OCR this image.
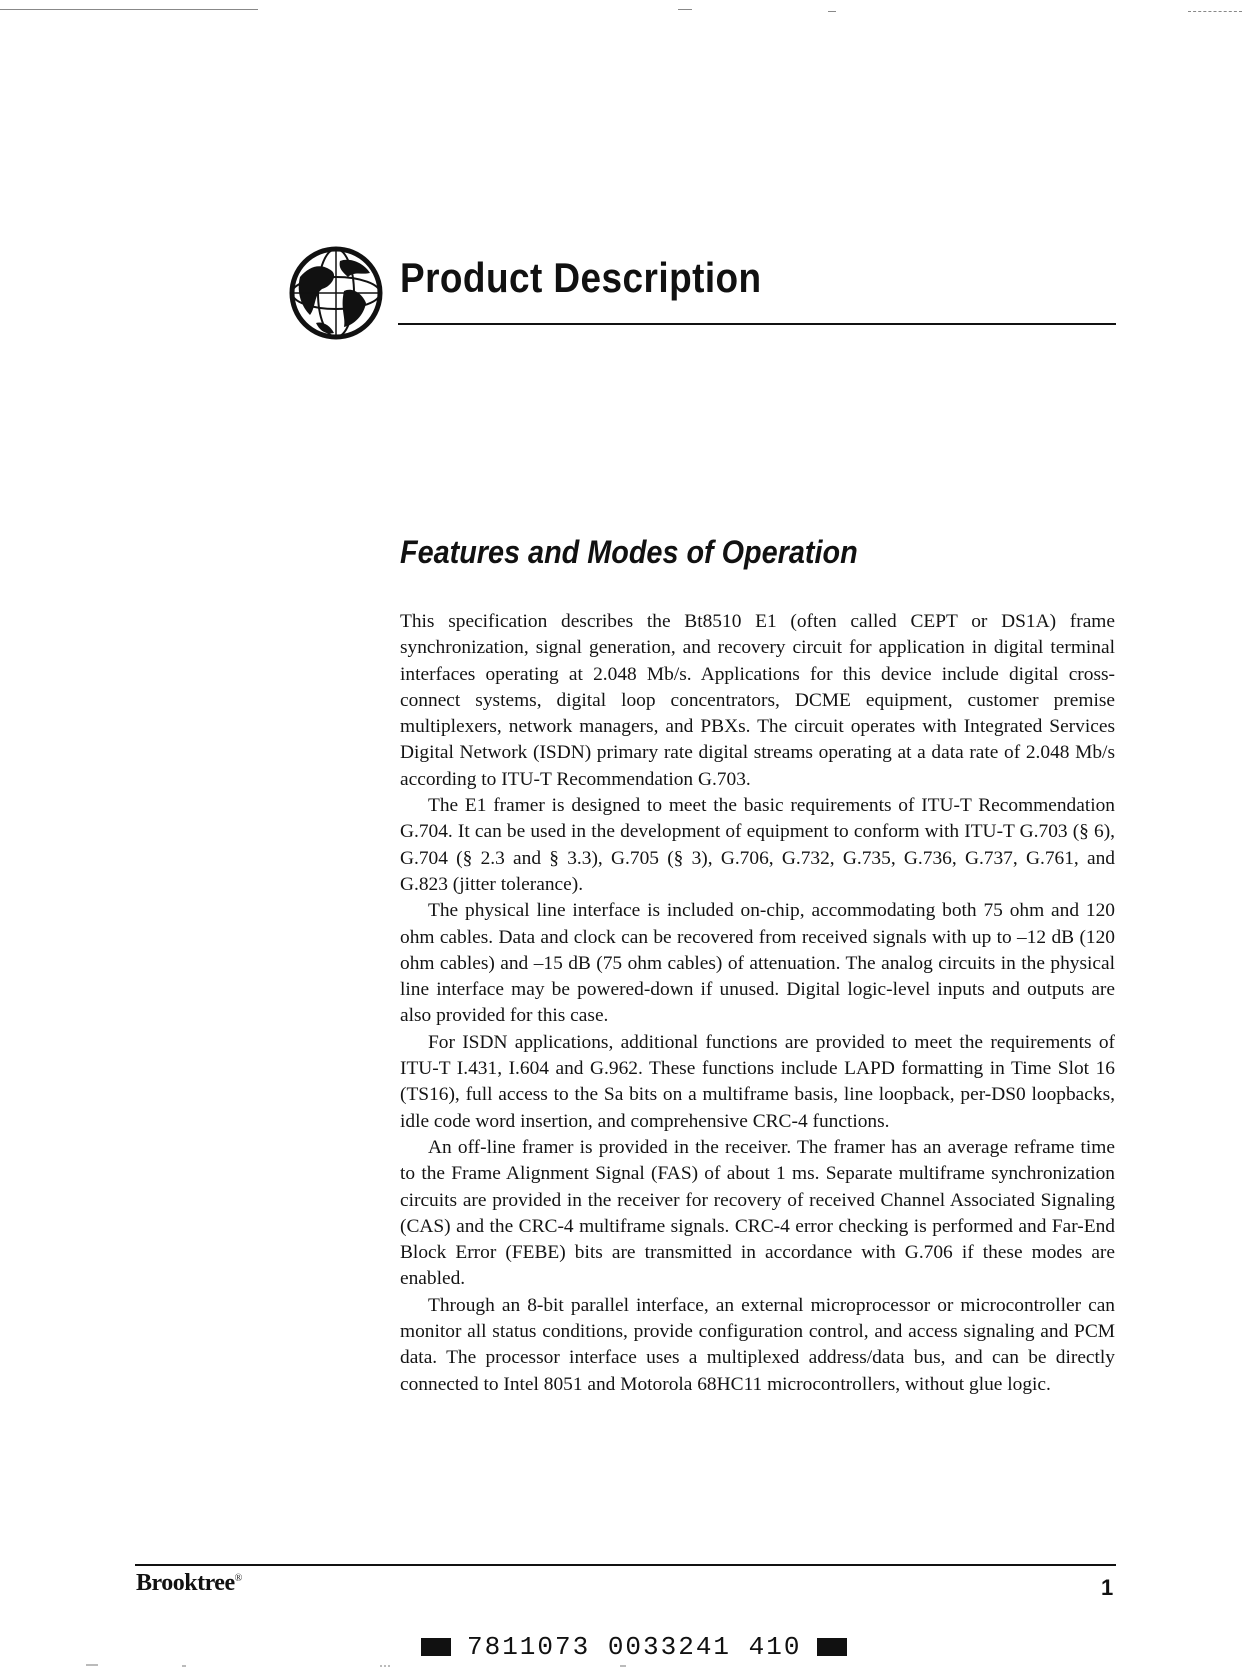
Product Description
Features and Modes of Operation

This specification describes the Bt8510 E1 (often called CEPT or DS1A) frame synchronization, signal generation, and recovery circuit for application in digital terminal interfaces operating at 2.048 Mb/s. Applications for this device include digital cross-connect systems, digital loop concentrators, DCME equipment, customer premise multiplexers, network managers, and PBXs. The circuit operates with Integrated Services Digital Network (ISDN) primary rate digital streams operating at a data rate of 2.048 Mb/s according to ITU-T Recommendation G.703.

The E1 framer is designed to meet the basic requirements of ITU-T Recommendation G.704. It can be used in the development of equipment to conform with ITU-T G.703 (§ 6), G.704 (§ 2.3 and § 3.3), G.705 (§ 3), G.706, G.732, G.735, G.736, G.737, G.761, and G.823 (jitter tolerance).

The physical line interface is included on-chip, accommodating both 75 ohm and 120 ohm cables. Data and clock can be recovered from received signals with up to –12 dB (120 ohm cables) and –15 dB (75 ohm cables) of attenuation. The analog circuits in the physical line interface may be powered-down if unused. Digital logic-level inputs and outputs are also provided for this case.

For ISDN applications, additional functions are provided to meet the requirements of ITU-T I.431, I.604 and G.962. These functions include LAPD formatting in Time Slot 16 (TS16), full access to the Sa bits on a multiframe basis, line loopback, per-DS0 loopbacks, idle code word insertion, and comprehensive CRC-4 functions.

An off-line framer is provided in the receiver. The framer has an average reframe time to the Frame Alignment Signal (FAS) of about 1 ms. Separate multiframe synchronization circuits are provided in the receiver for recovery of received Channel Associated Signaling (CAS) and the CRC-4 multiframe signals. CRC-4 error checking is performed and Far-End Block Error (FEBE) bits are transmitted in accordance with G.706 if these modes are enabled.

Through an 8-bit parallel interface, an external microprocessor or microcontroller can monitor all status conditions, provide configuration control, and access signaling and PCM data. The processor interface uses a multiplexed address/data bus, and can be directly connected to Intel 8051 and Motorola 68HC11 microcontrollers, without glue logic.

Brooktree®	1
7811073 0033241 410
